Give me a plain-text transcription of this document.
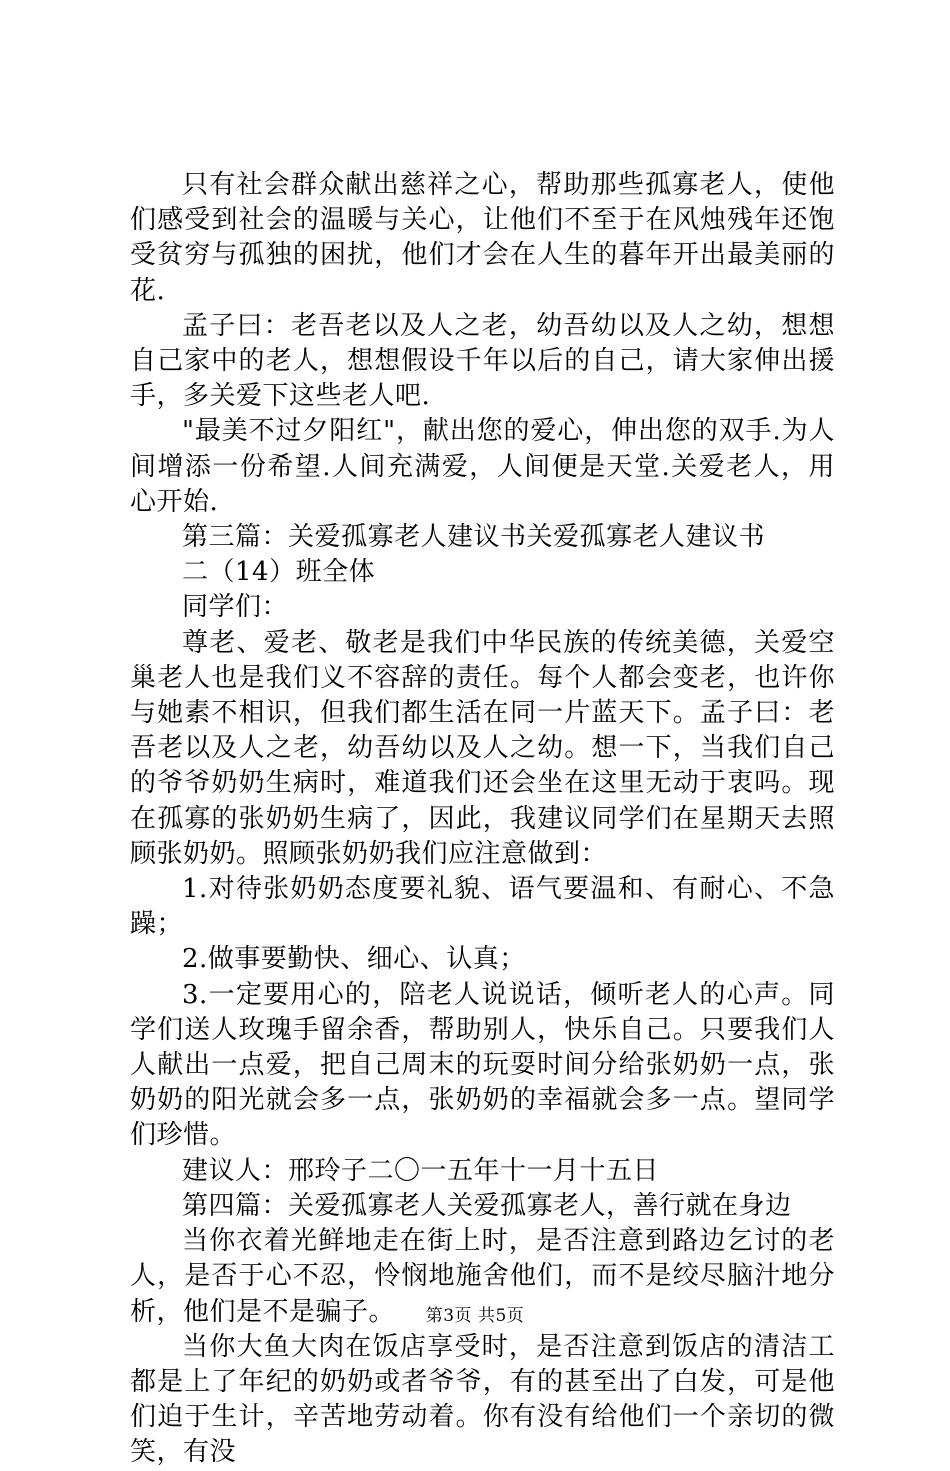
只有社会群众献出慈祥之心，帮助那些孤寡老人，使他们感受到社会的温暖与关心，让他们不至于在风烛残年还饱受贫穷与孤独的困扰，他们才会在人生的暮年开出最美丽的花.

孟子曰：老吾老以及人之老，幼吾幼以及人之幼，想想自己家中的老人，想想假设千年以后的自己，请大家伸出援手，多关爱下这些老人吧.

"最美不过夕阳红"，献出您的爱心，伸出您的双手.为人间增添一份希望.人间充满爱，人间便是天堂.关爱老人，用心开始.

第三篇：关爱孤寡老人建议书关爱孤寡老人建议书

二（14）班全体

同学们：

尊老、爱老、敬老是我们中华民族的传统美德，关爱空巢老人也是我们义不容辞的责任。每个人都会变老，也许你与她素不相识，但我们都生活在同一片蓝天下。孟子曰：老吾老以及人之老，幼吾幼以及人之幼。想一下，当我们自己的爷爷奶奶生病时，难道我们还会坐在这里无动于衷吗。现在孤寡的张奶奶生病了，因此，我建议同学们在星期天去照顾张奶奶。照顾张奶奶我们应注意做到：

1.对待张奶奶态度要礼貌、语气要温和、有耐心、不急躁；

2.做事要勤快、细心、认真；

3.一定要用心的，陪老人说说话，倾听老人的心声。同学们送人玫瑰手留余香，帮助别人，快乐自己。只要我们人人献出一点爱，把自己周末的玩耍时间分给张奶奶一点，张奶奶的阳光就会多一点，张奶奶的幸福就会多一点。望同学们珍惜。

建议人：邢玲子二〇一五年十一月十五日

第四篇：关爱孤寡老人关爱孤寡老人，善行就在身边

当你衣着光鲜地走在街上时，是否注意到路边乞讨的老人，是否于心不忍，怜悯地施舍他们，而不是绞尽脑汁地分析，他们是不是骗子。

当你大鱼大肉在饭店享受时，是否注意到饭店的清洁工都是上了年纪的奶奶或者爷爷，有的甚至出了白发，可是他们迫于生计，辛苦地劳动着。你有没有给他们一个亲切的微笑，有没

第3页 共5页
